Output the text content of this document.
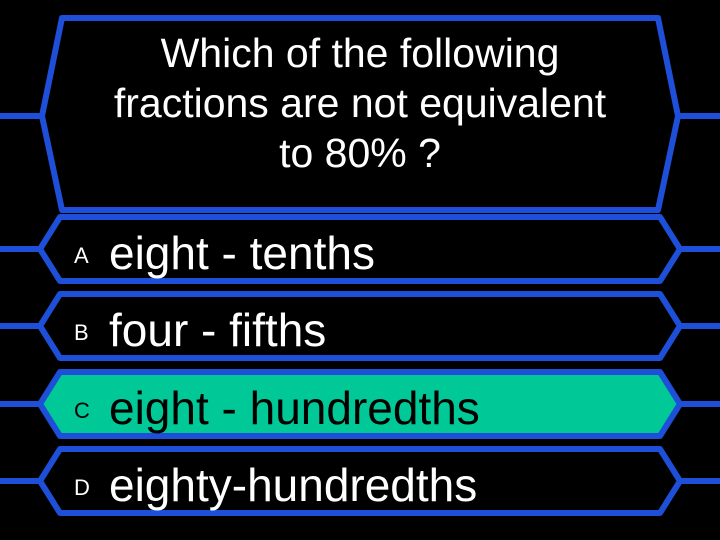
Which of the following
fractions are not equivalent
to 80% ?
A eight - tenths
B four - fifths
C eight - hundredths
D eighty-hundredths
